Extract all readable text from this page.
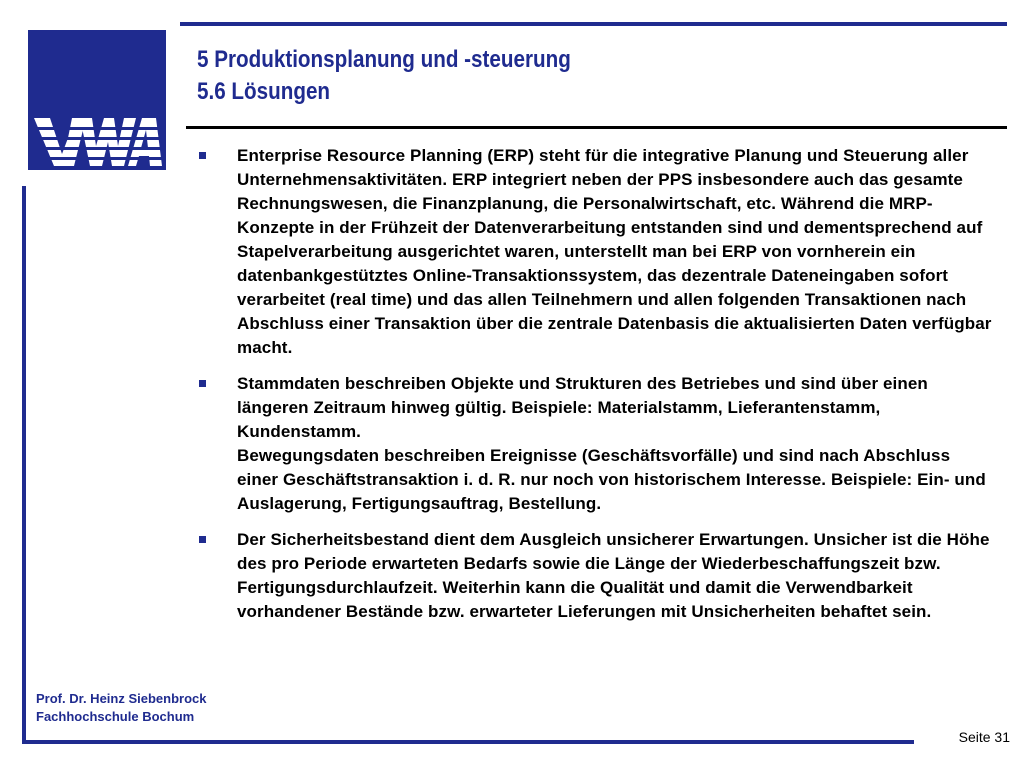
5 Produktionsplanung und -steuerung
5.6 Lösungen
Enterprise Resource Planning (ERP) steht für die integrative Planung und Steuerung aller Unternehmensaktivitäten. ERP integriert neben der PPS insbesondere auch das gesamte Rechnungswesen, die Finanzplanung, die Personalwirtschaft, etc. Während die MRP-Konzepte in der Frühzeit der Datenverarbeitung entstanden sind und dementsprechend auf Stapelverarbeitung ausgerichtet waren, unterstellt man bei ERP von vornherein ein datenbankgestütztes Online-Transaktionssystem, das dezentrale Dateneingaben sofort verarbeitet (real time) und das allen Teilnehmern und allen folgenden Transaktionen nach Abschluss einer Transaktion über die zentrale Datenbasis die aktualisierten Daten verfügbar macht.
Stammdaten beschreiben Objekte und Strukturen des Betriebes und sind über einen längeren Zeitraum hinweg gültig. Beispiele: Materialstamm, Lieferantenstamm, Kundenstamm.
Bewegungsdaten beschreiben Ereignisse (Geschäftsvorfälle) und sind nach Abschluss einer Geschäftstransaktion i. d. R. nur noch von historischem Interesse. Beispiele: Ein- und Auslagerung, Fertigungsauftrag, Bestellung.
Der Sicherheitsbestand dient dem Ausgleich unsicherer Erwartungen. Unsicher ist die Höhe des pro Periode erwarteten Bedarfs sowie die Länge der Wiederbeschaffungszeit bzw. Fertigungsdurchlaufzeit. Weiterhin kann die Qualität und damit die Verwendbarkeit vorhandener Bestände bzw. erwarteter Lieferungen mit Unsicherheiten behaftet sein.
Prof. Dr. Heinz Siebenbrock
Fachhochschule Bochum
Seite 31
